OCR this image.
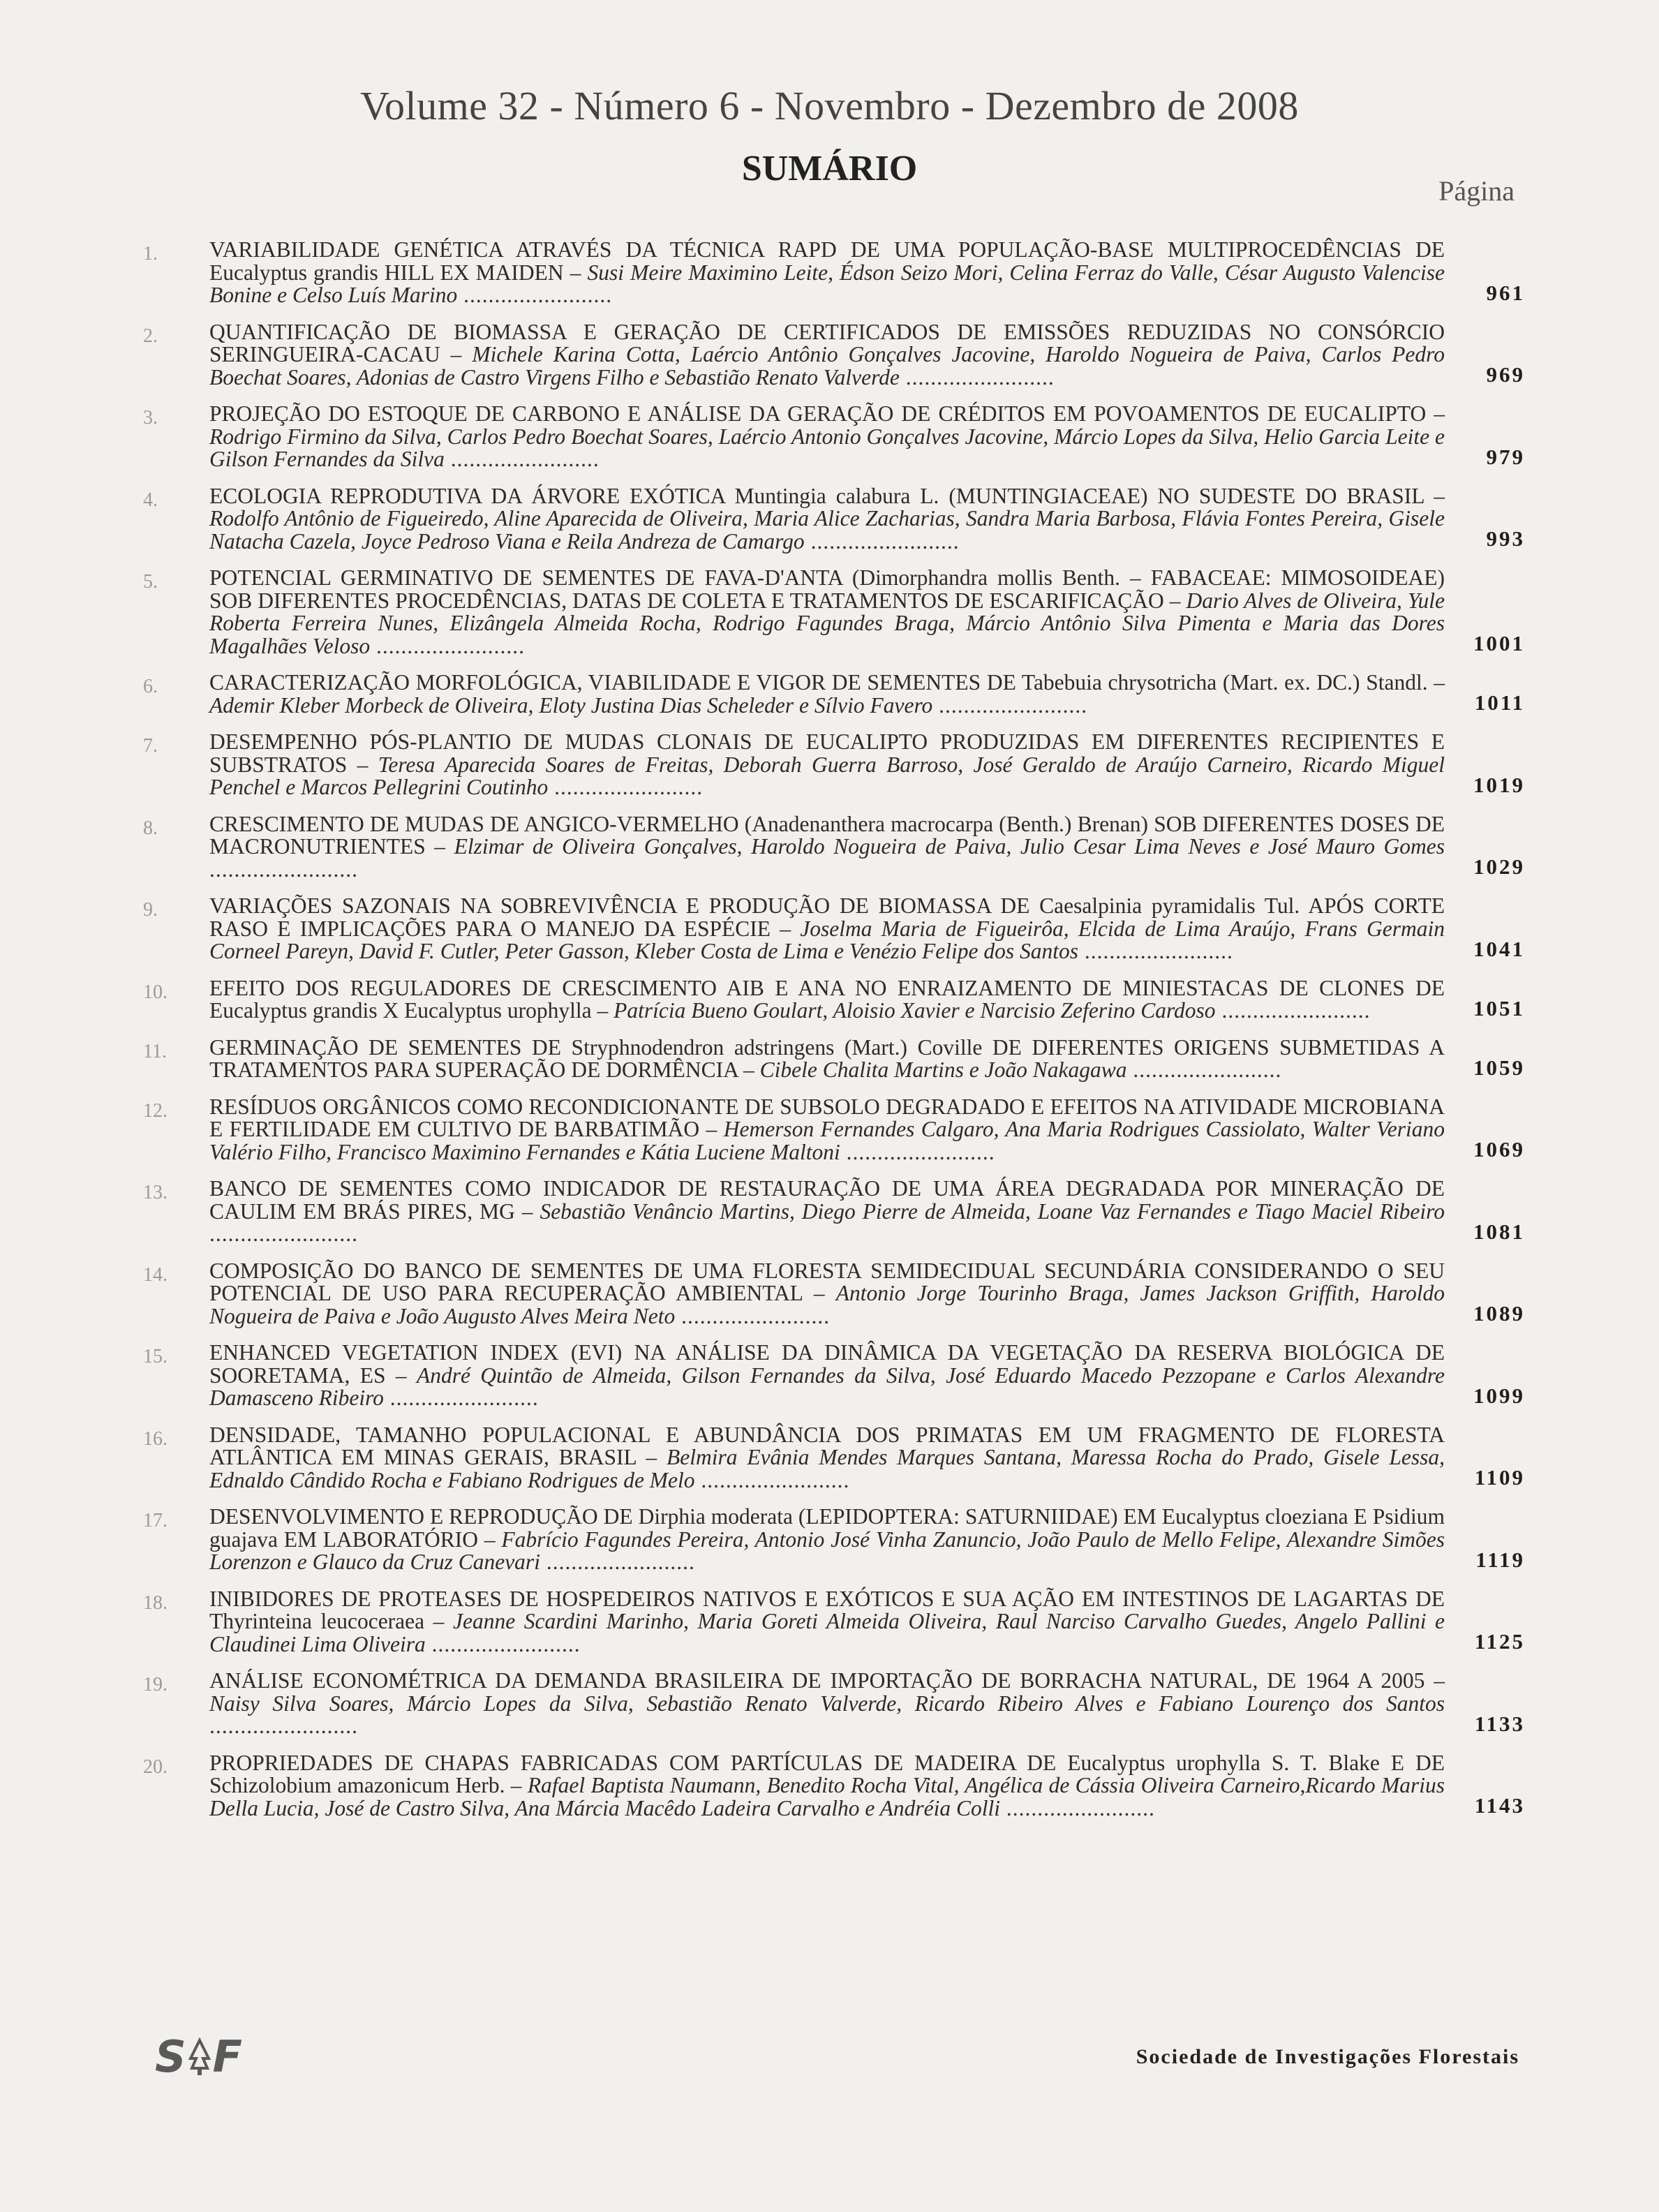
Volume 32 - Número 6 - Novembro - Dezembro de 2008
SUMÁRIO
Página
1.	VARIABILIDADE GENÉTICA ATRAVÉS DA TÉCNICA RAPD DE UMA POPULAÇÃO-BASE MULTIPROCEDÊNCIAS DE Eucalyptus grandis HILL EX MAIDEN – Susi Meire Maximino Leite, Édson Seizo Mori, Celina Ferraz do Valle, César Augusto Valencise Bonine e Celso Luís Marino ........................	961
2.	QUANTIFICAÇÃO DE BIOMASSA E GERAÇÃO DE CERTIFICADOS DE EMISSÕES REDUZIDAS NO CONSÓRCIO SERINGUEIRA-CACAU – Michele Karina Cotta, Laércio Antônio Gonçalves Jacovine, Haroldo Nogueira de Paiva, Carlos Pedro Boechat Soares, Adonias de Castro Virgens Filho e Sebastião Renato Valverde ........................	969
3.	PROJEÇÃO DO ESTOQUE DE CARBONO E ANÁLISE DA GERAÇÃO DE CRÉDITOS EM POVOAMENTOS DE EUCALIPTO – Rodrigo Firmino da Silva, Carlos Pedro Boechat Soares, Laércio Antonio Gonçalves Jacovine, Márcio Lopes da Silva, Helio Garcia Leite e Gilson Fernandes da Silva ........................	979
4.	ECOLOGIA REPRODUTIVA DA ÁRVORE EXÓTICA Muntingia calabura L. (MUNTINGIACEAE) NO SUDESTE DO BRASIL – Rodolfo Antônio de Figueiredo, Aline Aparecida de Oliveira, Maria Alice Zacharias, Sandra Maria Barbosa, Flávia Fontes Pereira, Gisele Natacha Cazela, Joyce Pedroso Viana e Reila Andreza de Camargo ........................	993
5.	POTENCIAL GERMINATIVO DE SEMENTES DE FAVA-D'ANTA (Dimorphandra mollis Benth. – FABACEAE: MIMOSOIDEAE) SOB DIFERENTES PROCEDÊNCIAS, DATAS DE COLETA E TRATAMENTOS DE ESCARIFICAÇÃO – Dario Alves de Oliveira, Yule Roberta Ferreira Nunes, Elizângela Almeida Rocha, Rodrigo Fagundes Braga, Márcio Antônio Silva Pimenta e Maria das Dores Magalhães Veloso ........................	1001
6.	CARACTERIZAÇÃO MORFOLÓGICA, VIABILIDADE E VIGOR DE SEMENTES DE Tabebuia chrysotricha (Mart. ex. DC.) Standl. – Ademir Kleber Morbeck de Oliveira, Eloty Justina Dias Scheleder e Sílvio Favero ........................	1011
7.	DESEMPENHO PÓS-PLANTIO DE MUDAS CLONAIS DE EUCALIPTO PRODUZIDAS EM DIFERENTES RECIPIENTES E SUBSTRATOS – Teresa Aparecida Soares de Freitas, Deborah Guerra Barroso, José Geraldo de Araújo Carneiro, Ricardo Miguel Penchel e Marcos Pellegrini Coutinho ........................	1019
8.	CRESCIMENTO DE MUDAS DE ANGICO-VERMELHO (Anadenanthera macrocarpa (Benth.) Brenan) SOB DIFERENTES DOSES DE MACRONUTRIENTES – Elzimar de Oliveira Gonçalves, Haroldo Nogueira de Paiva, Julio Cesar Lima Neves e José Mauro Gomes ........................	1029
9.	VARIAÇÕES SAZONAIS NA SOBREVIVÊNCIA E PRODUÇÃO DE BIOMASSA DE Caesalpinia pyramidalis Tul. APÓS CORTE RASO E IMPLICAÇÕES PARA O MANEJO DA ESPÉCIE – Joselma Maria de Figueirôa, Elcida de Lima Araújo, Frans Germain Corneel Pareyn, David F. Cutler, Peter Gasson, Kleber Costa de Lima e Venézio Felipe dos Santos ........................	1041
10.	EFEITO DOS REGULADORES DE CRESCIMENTO AIB E ANA NO ENRAIZAMENTO DE MINIESTACAS DE CLONES DE Eucalyptus grandis X Eucalyptus urophylla – Patrícia Bueno Goulart, Aloisio Xavier e Narcisio Zeferino Cardoso ........................	1051
11.	GERMINAÇÃO DE SEMENTES DE Stryphnodendron adstringens (Mart.) Coville DE DIFERENTES ORIGENS SUBMETIDAS A TRATAMENTOS PARA SUPERAÇÃO DE DORMÊNCIA – Cibele Chalita Martins e João Nakagawa ........................	1059
12.	RESÍDUOS ORGÂNICOS COMO RECONDICIONANTE DE SUBSOLO DEGRADADO E EFEITOS NA ATIVIDADE MICROBIANA E FERTILIDADE EM CULTIVO DE BARBATIMÃO – Hemerson Fernandes Calgaro, Ana Maria Rodrigues Cassiolato, Walter Veriano Valério Filho, Francisco Maximino Fernandes e Kátia Luciene Maltoni ........................	1069
13.	BANCO DE SEMENTES COMO INDICADOR DE RESTAURAÇÃO DE UMA ÁREA DEGRADADA POR MINERAÇÃO DE CAULIM EM BRÁS PIRES, MG – Sebastião Venâncio Martins, Diego Pierre de Almeida, Loane Vaz Fernandes e Tiago Maciel Ribeiro ........................	1081
14.	COMPOSIÇÃO DO BANCO DE SEMENTES DE UMA FLORESTA SEMIDECIDUAL SECUNDÁRIA CONSIDERANDO O SEU POTENCIAL DE USO PARA RECUPERAÇÃO AMBIENTAL – Antonio Jorge Tourinho Braga, James Jackson Griffith, Haroldo Nogueira de Paiva e João Augusto Alves Meira Neto ........................	1089
15.	ENHANCED VEGETATION INDEX (EVI) NA ANÁLISE DA DINÂMICA DA VEGETAÇÃO DA RESERVA BIOLÓGICA DE SOORETAMA, ES – André Quintão de Almeida, Gilson Fernandes da Silva, José Eduardo Macedo Pezzopane e Carlos Alexandre Damasceno Ribeiro ........................	1099
16.	DENSIDADE, TAMANHO POPULACIONAL E ABUNDÂNCIA DOS PRIMATAS EM UM FRAGMENTO DE FLORESTA ATLÂNTICA EM MINAS GERAIS, BRASIL – Belmira Evânia Mendes Marques Santana, Maressa Rocha do Prado, Gisele Lessa, Ednaldo Cândido Rocha e Fabiano Rodrigues de Melo ........................	1109
17.	DESENVOLVIMENTO E REPRODUÇÃO DE Dirphia moderata (LEPIDOPTERA: SATURNIIDAE) EM Eucalyptus cloeziana E Psidium guajava EM LABORATÓRIO – Fabrício Fagundes Pereira, Antonio José Vinha Zanuncio, João Paulo de Mello Felipe, Alexandre Simões Lorenzon e Glauco da Cruz Canevari ........................	1119
18.	INIBIDORES DE PROTEASES DE HOSPEDEIROS NATIVOS E EXÓTICOS E SUA AÇÃO EM INTESTINOS DE LAGARTAS DE Thyrinteina leucoceraea – Jeanne Scardini Marinho, Maria Goreti Almeida Oliveira, Raul Narciso Carvalho Guedes, Angelo Pallini e Claudinei Lima Oliveira ........................	1125
19.	ANÁLISE ECONOMÉTRICA DA DEMANDA BRASILEIRA DE IMPORTAÇÃO DE BORRACHA NATURAL, DE 1964 A 2005 – Naisy Silva Soares, Márcio Lopes da Silva, Sebastião Renato Valverde, Ricardo Ribeiro Alves e Fabiano Lourenço dos Santos ........................	1133
20.	PROPRIEDADES DE CHAPAS FABRICADAS COM PARTÍCULAS DE MADEIRA DE Eucalyptus urophylla S. T. Blake E DE Schizolobium amazonicum Herb. – Rafael Baptista Naumann, Benedito Rocha Vital, Angélica de Cássia Oliveira Carneiro,Ricardo Marius Della Lucia, José de Castro Silva, Ana Márcia Macêdo Ladeira Carvalho e Andréia Colli ........................	1143
S F	Sociedade de Investigações Florestais
